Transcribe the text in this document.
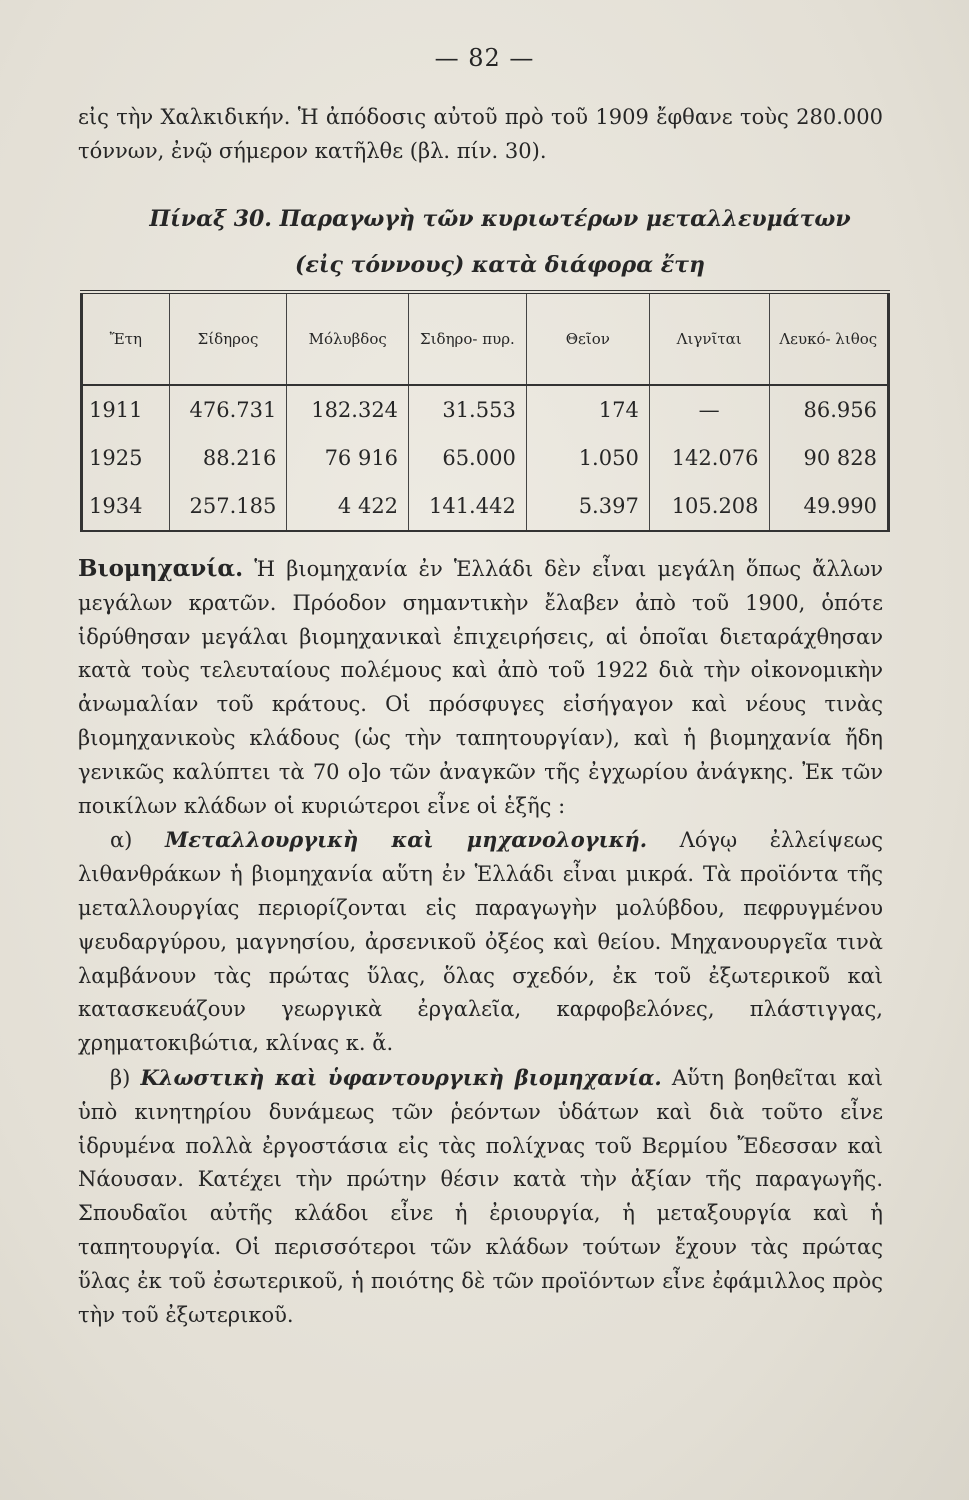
— 82 —
εἰς τὴν Χαλκιδικήν. Ἡ ἀπόδοσις αὐτοῦ πρὸ τοῦ 1909 ἔφθανε τοὺς 280.000 τόννων, ἐνῷ σήμερον κατῆλθε (βλ. πίν. 30).
Πίναξ 30. Παραγωγὴ τῶν κυριωτέρων μεταλλευμάτων
(εἰς τόννους) κατὰ διάφορα ἔτη
Ἔτη	Σίδηρος	Μόλυβδος	Σιδηρο- πυρ.	Θεῖον	Λιγνῖται	Λευκό- λιθος
1911	476.731	182.324	31.553	174	—	86.956
1925	88.216	76 916	65.000	1.050	142.076	90 828
1934	257.185	4 422	141.442	5.397	105.208	49.990

Βιομηχανία. Ἡ βιομηχανία ἐν Ἑλλάδι δὲν εἶναι μεγάλη ὅπως ἄλλων μεγάλων κρατῶν. Πρόοδον σημαντικὴν ἔλαβεν ἀπὸ τοῦ 1900, ὁπότε ἱδρύθησαν μεγάλαι βιομηχανικαὶ ἐπιχειρήσεις, αἱ ὁποῖαι διεταράχθησαν κατὰ τοὺς τελευταίους πολέμους καὶ ἀπὸ τοῦ 1922 διὰ τὴν οἰκονομικὴν ἀνωμαλίαν τοῦ κράτους. Οἱ πρόσφυγες εἰσήγαγον καὶ νέους τινὰς βιομηχανικοὺς κλάδους (ὡς τὴν ταπητουργίαν), καὶ ἡ βιομηχανία ἤδη γενικῶς καλύπτει τὰ 70 ο]ο τῶν ἀναγκῶν τῆς ἐγχωρίου ἀνάγκης. Ἐκ τῶν ποικίλων κλάδων οἱ κυριώτεροι εἶνε οἱ ἑξῆς :

α) Μεταλλουργικὴ καὶ μηχανολογική. Λόγῳ ἐλλείψεως λιθανθράκων ἡ βιομηχανία αὕτη ἐν Ἑλλάδι εἶναι μικρά. Τὰ προϊόντα τῆς μεταλλουργίας περιορίζονται εἰς παραγωγὴν μολύβδου, πεφρυγμένου ψευδαργύρου, μαγνησίου, ἀρσενικοῦ ὀξέος καὶ θείου. Μηχανουργεῖα τινὰ λαμβάνουν τὰς πρώτας ὕλας, ὅλας σχεδόν, ἐκ τοῦ ἐξωτερικοῦ καὶ κατασκευάζουν γεωργικὰ ἐργαλεῖα, καρφοβελόνες, πλάστιγγας, χρηματοκιβώτια, κλίνας κ. ἄ.

β) Κλωστικὴ καὶ ὑφαντουργικὴ βιομηχανία. Αὕτη βοηθεῖται καὶ ὑπὸ κινητηρίου δυνάμεως τῶν ῥεόντων ὑδάτων καὶ διὰ τοῦτο εἶνε ἱδρυμένα πολλὰ ἐργοστάσια εἰς τὰς πολίχνας τοῦ Βερμίου Ἔδεσσαν καὶ Νάουσαν. Κατέχει τὴν πρώτην θέσιν κατὰ τὴν ἀξίαν τῆς παραγωγῆς. Σπουδαῖοι αὐτῆς κλάδοι εἶνε ἡ ἐριουργία, ἡ μεταξουργία καὶ ἡ ταπητουργία. Οἱ περισσότεροι τῶν κλάδων τούτων ἔχουν τὰς πρώτας ὕλας ἐκ τοῦ ἐσωτερικοῦ, ἡ ποιότης δὲ τῶν προϊόντων εἶνε ἐφάμιλλος πρὸς τὴν τοῦ ἐξωτερικοῦ.
